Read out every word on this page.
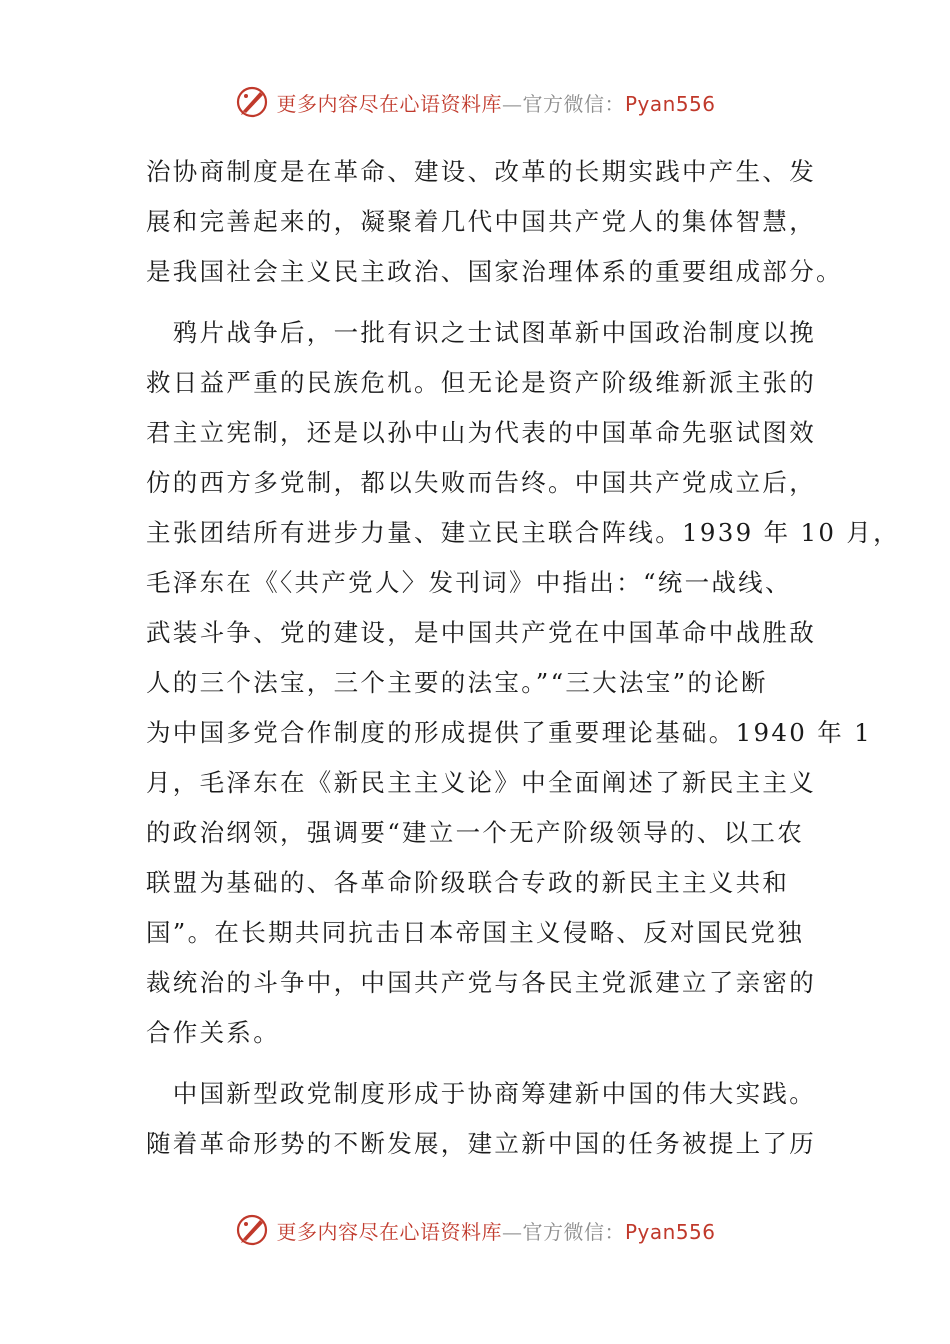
更多内容尽在心语资料库—官方微信：Pyan556

治协商制度是在革命、建设、改革的长期实践中产生、发
展和完善起来的，凝聚着几代中国共产党人的集体智慧，
是我国社会主义民主政治、国家治理体系的重要组成部分。

　鸦片战争后，一批有识之士试图革新中国政治制度以挽
救日益严重的民族危机。但无论是资产阶级维新派主张的
君主立宪制，还是以孙中山为代表的中国革命先驱试图效
仿的西方多党制，都以失败而告终。中国共产党成立后，
主张团结所有进步力量、建立民主联合阵线。1939 年 10 月，
毛泽东在《〈共产党人〉发刊词》中指出：“统一战线、
武装斗争、党的建设，是中国共产党在中国革命中战胜敌
人的三个法宝，三个主要的法宝。”“三大法宝”的论断
为中国多党合作制度的形成提供了重要理论基础。1940 年 1
月，毛泽东在《新民主主义论》中全面阐述了新民主主义
的政治纲领，强调要“建立一个无产阶级领导的、以工农
联盟为基础的、各革命阶级联合专政的新民主主义共和
国”。在长期共同抗击日本帝国主义侵略、反对国民党独
裁统治的斗争中，中国共产党与各民主党派建立了亲密的
合作关系。

　中国新型政党制度形成于协商筹建新中国的伟大实践。
随着革命形势的不断发展，建立新中国的任务被提上了历

更多内容尽在心语资料库—官方微信：Pyan556
